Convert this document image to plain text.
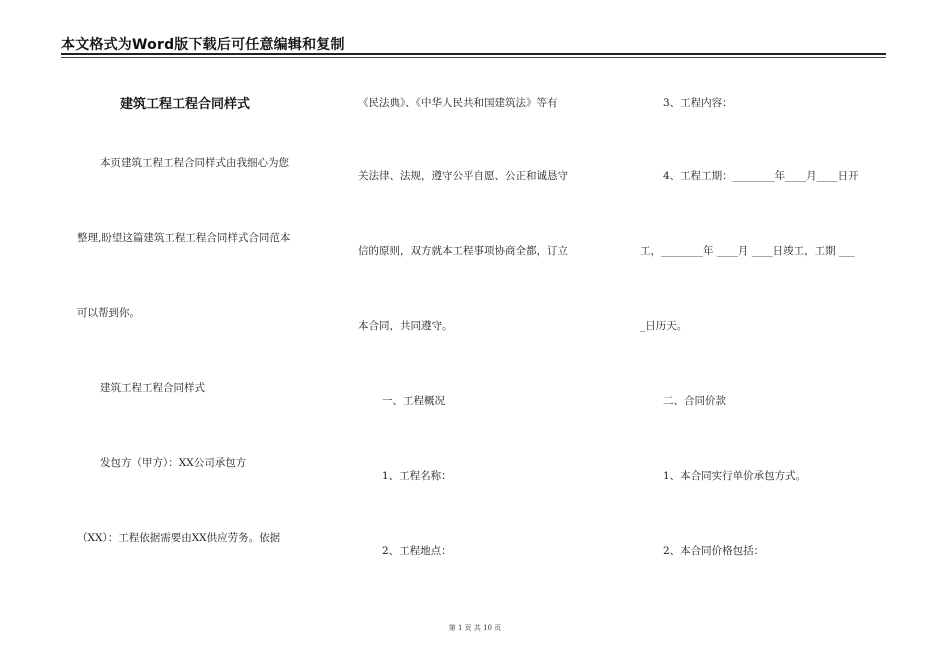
本文格式为Word版下载后可任意编辑和复制
建筑工程工程合同样式
本页建筑工程工程合同样式由我细心为您
整理,盼望这篇建筑工程工程合同样式合同范本
可以帮到你。
建筑工程工程合同样式
发包方（甲方）：XX公司承包方
（XX）：工程依据需要由XX供应劳务。依据
《民法典》、《中华人民共和国建筑法》等有
关法律、法规，遵守公平自愿、公正和诚恳守
信的原则，双方就本工程事项协商全都，订立
本合同，共同遵守。
一、工程概况
1、工程名称：
2、工程地点：
3、工程内容：
4、工程工期：________年____月____日开
工，________年 ____月 ____日竣工，工期 ___
_日历天。
二、合同价款
1、本合同实行单价承包方式。
2、本合同价格包括：
第 1 页 共 10 页
